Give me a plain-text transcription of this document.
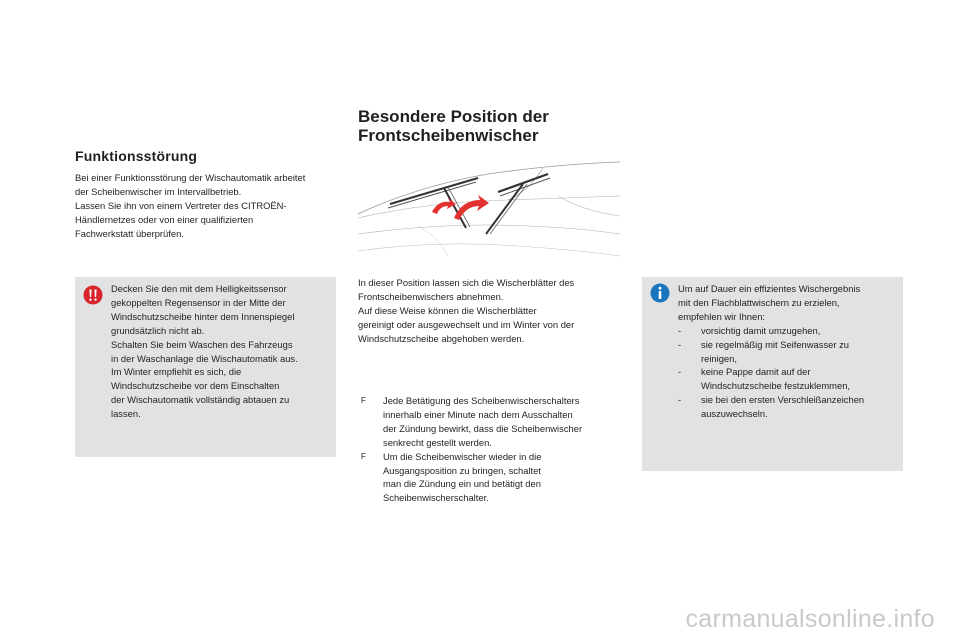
Funktionsstörung
Bei einer Funktionsstörung der Wischautomatik arbeitet
der Scheibenwischer im Intervallbetrieb.
Lassen Sie ihn von einem Vertreter des CITROËN-
Händlernetzes oder von einer qualifizierten
Fachwerkstatt überprüfen.
Decken Sie den mit dem Helligkeitssensor
gekoppelten Regensensor in der Mitte der
Windschutzscheibe hinter dem Innenspiegel
grundsätzlich nicht ab.
Schalten Sie beim Waschen des Fahrzeugs
in der Waschanlage die Wischautomatik aus.
Im Winter empfiehlt es sich, die
Windschutzscheibe vor dem Einschalten
der Wischautomatik vollständig abtauen zu
lassen.
Besondere Position der
Frontscheibenwischer
In dieser Position lassen sich die Wischerblätter des
Frontscheibenwischers abnehmen.
Auf diese Weise können die Wischerblätter
gereinigt oder ausgewechselt und im Winter von der
Windschutzscheibe abgehoben werden.
F Jede Betätigung des Scheibenwischerschalters
innerhalb einer Minute nach dem Ausschalten
der Zündung bewirkt, dass die Scheibenwischer
senkrecht gestellt werden.
F Um die Scheibenwischer wieder in die
Ausgangsposition zu bringen, schaltet
man die Zündung ein und betätigt den
Scheibenwischerschalter.
Um auf Dauer ein effizientes Wischergebnis
mit den Flachblattwischern zu erzielen,
empfehlen wir Ihnen:
-	vorsichtig damit umzugehen,
-	sie regelmäßig mit Seifenwasser zu
reinigen,
-	keine Pappe damit auf der
Windschutzscheibe festzuklemmen,
-	sie bei den ersten Verschleißanzeichen
auszuwechseln.
carmanualsonline.info
